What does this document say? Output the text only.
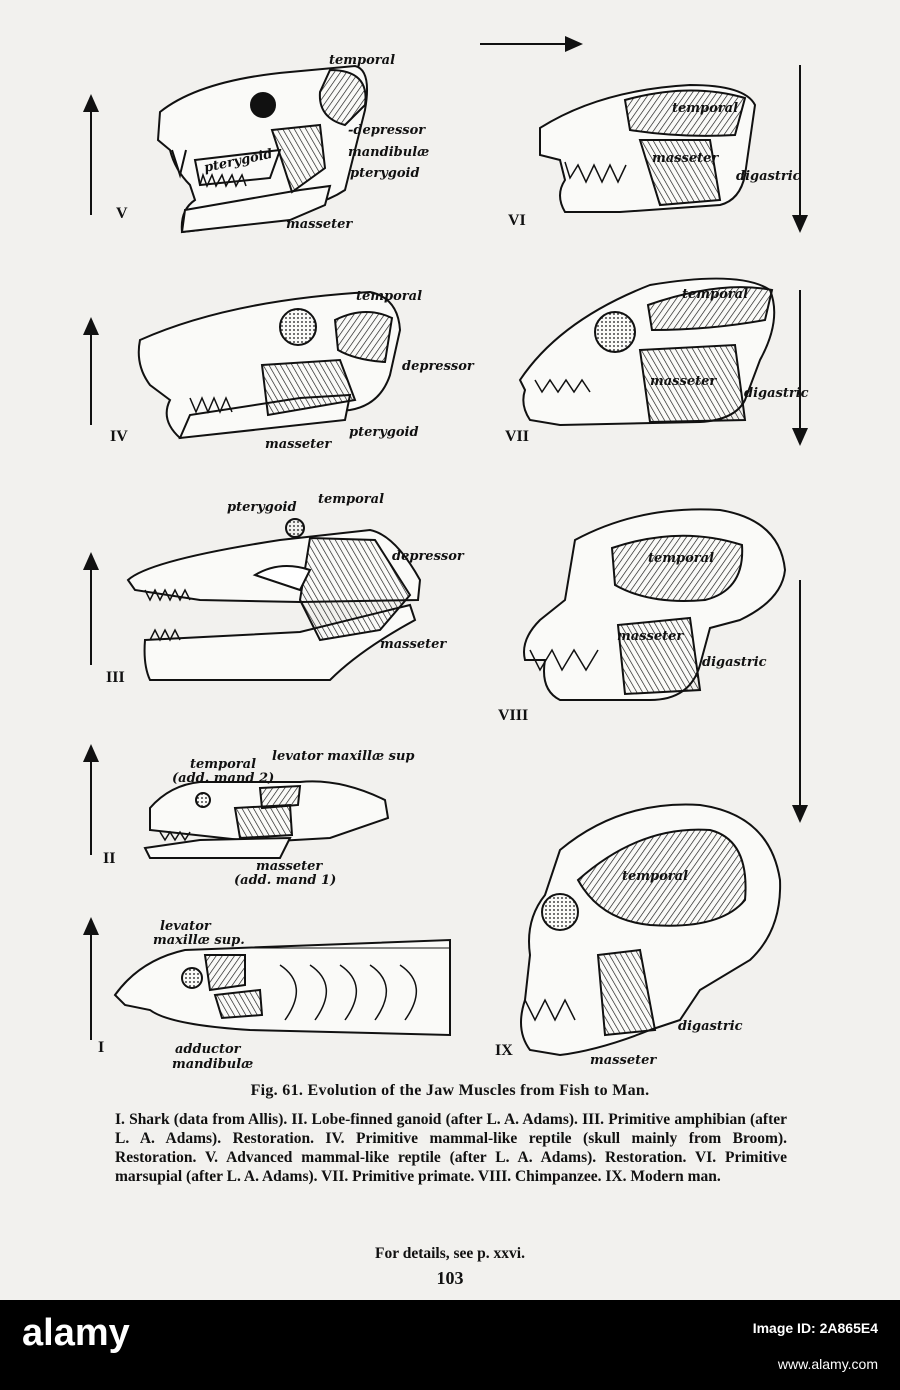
temporal
-depressor
mandibulæ
pterygoid	pterygoid
masseter
V
temporal
masseter
digastric
VI
temporal
depressor
masseter
pterygoid
IV
temporal
masseter
digastric
VII
pterygoid
temporal
depressor
masseter
III
temporal
masseter
digastric
VIII
temporal
(add. mand 2)
levator maxillæ sup
masseter
(add. mand 1)
II
levator
maxillæ sup.
adductor
mandibulæ
I
temporal
digastric
masseter
IX
Fig. 61. Evolution of the Jaw Muscles from Fish to Man.
I. Shark (data from Allis). II. Lobe-finned ganoid (after L. A. Adams). III. Primitive amphibian (after L. A. Adams). Restoration. IV. Primitive mammal-like reptile (skull mainly from Broom). Restoration. V. Advanced mammal-like reptile (after L. A. Adams). Restoration. VI. Primitive marsupial (after L. A. Adams). VII. Primitive primate. VIII. Chimpanzee. IX. Modern man.
For details, see p. xxvi.
103
alamy	Image ID: 2A865E4
www.alamy.com
